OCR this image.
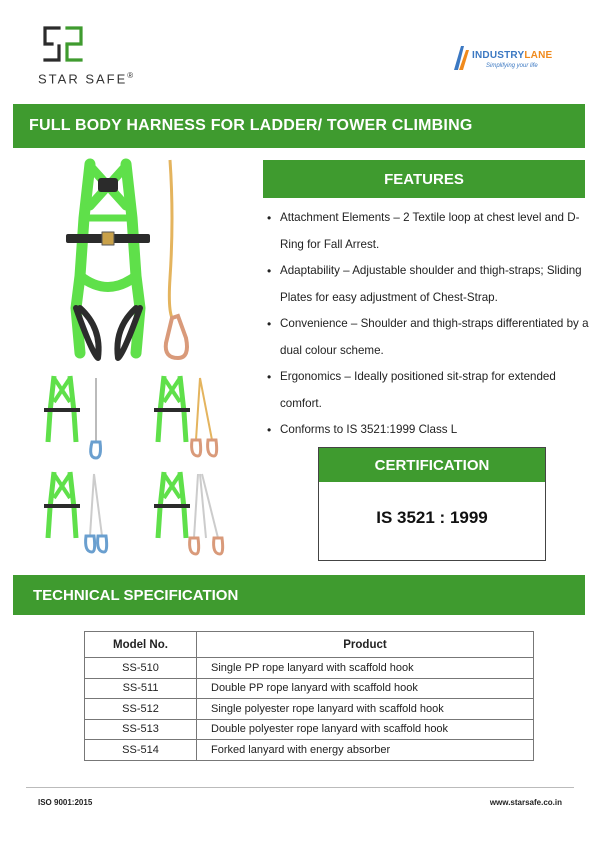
STAR SAFE®
INDUSTRYLANE
Simplifying your life
FULL BODY HARNESS FOR LADDER/ TOWER CLIMBING
FEATURES
• Attachment Elements – 2 Textile loop at chest level and D- Ring for Fall Arrest.
• Adaptability – Adjustable shoulder and thigh-straps; Sliding Plates for easy adjustment of Chest-Strap.
• Convenience – Shoulder and thigh-straps differentiated by a dual colour scheme.
• Ergonomics – Ideally positioned sit-strap for extended comfort.
• Conforms to IS 3521:1999 Class L
CERTIFICATION
IS 3521 : 1999
TECHNICAL SPECIFICATION
Model No.	Product
SS-510	Single PP rope lanyard with scaffold hook
SS-511	Double PP rope lanyard with scaffold hook
SS-512	Single polyester rope lanyard with scaffold hook
SS-513	Double polyester rope lanyard with scaffold hook
SS-514	Forked lanyard with energy absorber
ISO 9001:2015	www.starsafe.co.in
